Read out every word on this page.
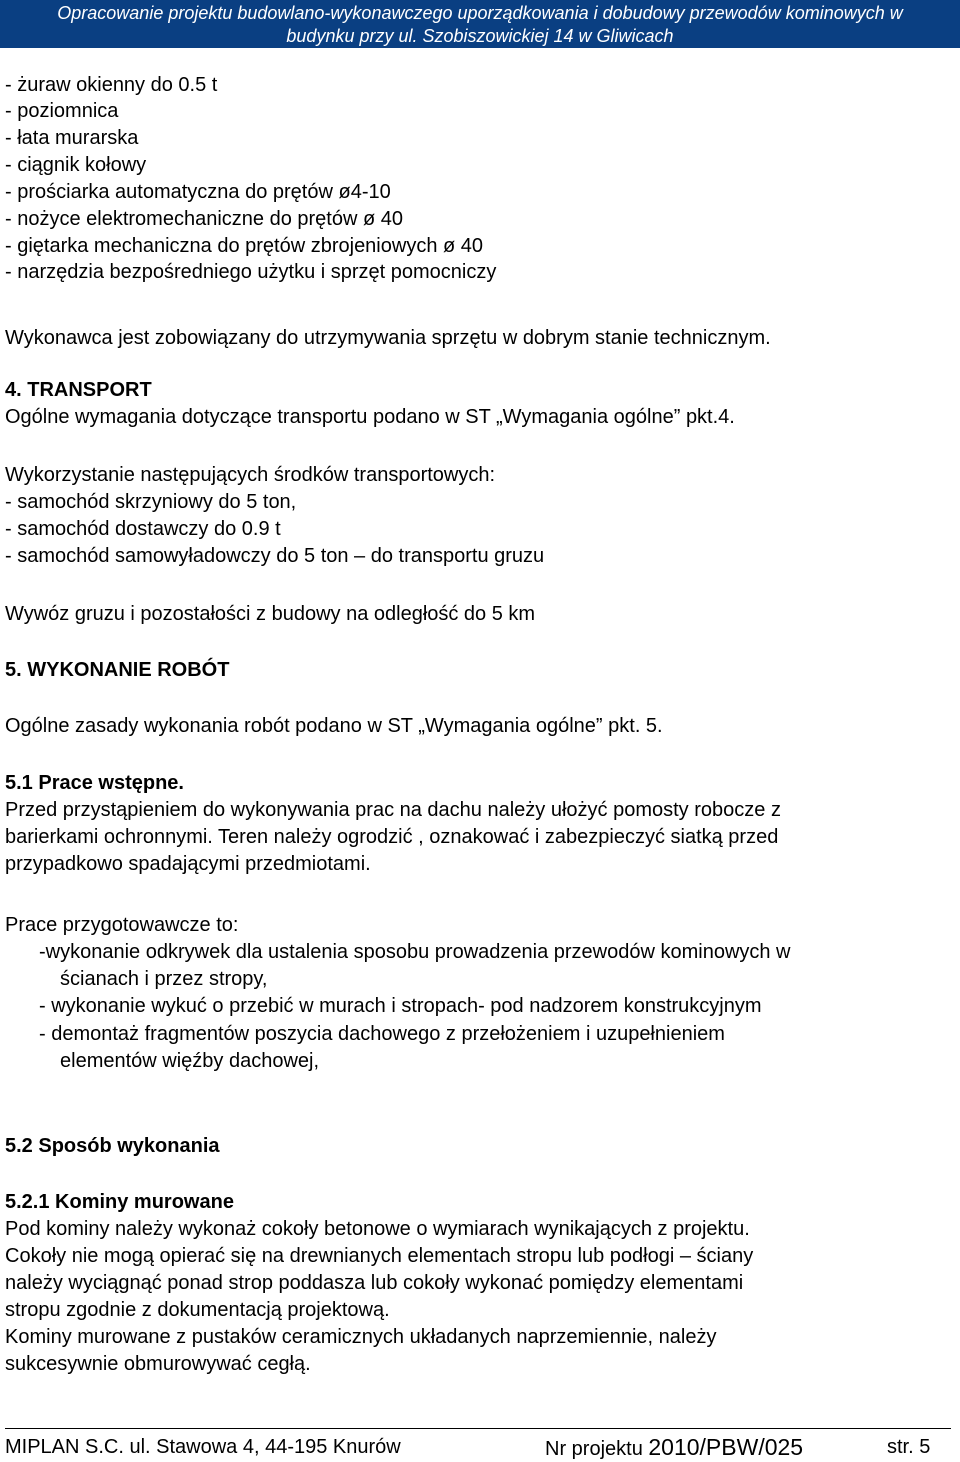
Opracowanie projektu budowlano-wykonawczego uporządkowania i dobudowy przewodów kominowych w
budynku przy ul. Szobiszowickiej 14 w Gliwicach
- żuraw okienny do 0.5 t
- poziomnica
- łata murarska
- ciągnik kołowy
- prościarka automatyczna do prętów ø4-10
- nożyce elektromechaniczne do prętów ø 40
- giętarka mechaniczna do prętów zbrojeniowych ø 40
- narzędzia bezpośredniego użytku i sprzęt pomocniczy
Wykonawca jest zobowiązany do utrzymywania sprzętu w dobrym stanie technicznym.
4. TRANSPORT
Ogólne wymagania dotyczące transportu podano w ST „Wymagania ogólne” pkt.4.
Wykorzystanie następujących środków transportowych:
- samochód skrzyniowy do 5 ton,
- samochód dostawczy do 0.9 t
- samochód samowyładowczy do 5 ton – do transportu gruzu
Wywóz gruzu i pozostałości z budowy na odległość do 5 km
5. WYKONANIE ROBÓT
Ogólne zasady wykonania robót podano w ST „Wymagania ogólne” pkt. 5.
5.1 Prace wstępne.
Przed przystąpieniem do wykonywania prac na dachu należy ułożyć pomosty robocze z
barierkami ochronnymi. Teren należy ogrodzić , oznakować i zabezpieczyć siatką przed
przypadkowo spadającymi przedmiotami.
Prace przygotowawcze to:
-wykonanie odkrywek dla ustalenia sposobu prowadzenia przewodów kominowych w
ścianach i przez stropy,
- wykonanie wykuć o przebić w murach i stropach- pod nadzorem konstrukcyjnym
- demontaż fragmentów poszycia dachowego z przełożeniem i uzupełnieniem
elementów więźby dachowej,
5.2 Sposób wykonania
5.2.1 Kominy murowane
Pod kominy należy wykonaż cokoły betonowe o wymiarach wynikających z projektu.
Cokoły nie mogą opierać się na drewnianych elementach stropu lub podłogi – ściany
należy wyciągnąć ponad strop poddasza lub cokoły wykonać pomiędzy elementami
stropu zgodnie z dokumentacją projektową.
Kominy murowane z pustaków ceramicznych układanych naprzemiennie, należy
sukcesywnie obmurowywać cegłą.
MIPLAN S.C. ul. Stawowa 4, 44-195 Knurów	Nr projektu 2010/PBW/025	str. 5
